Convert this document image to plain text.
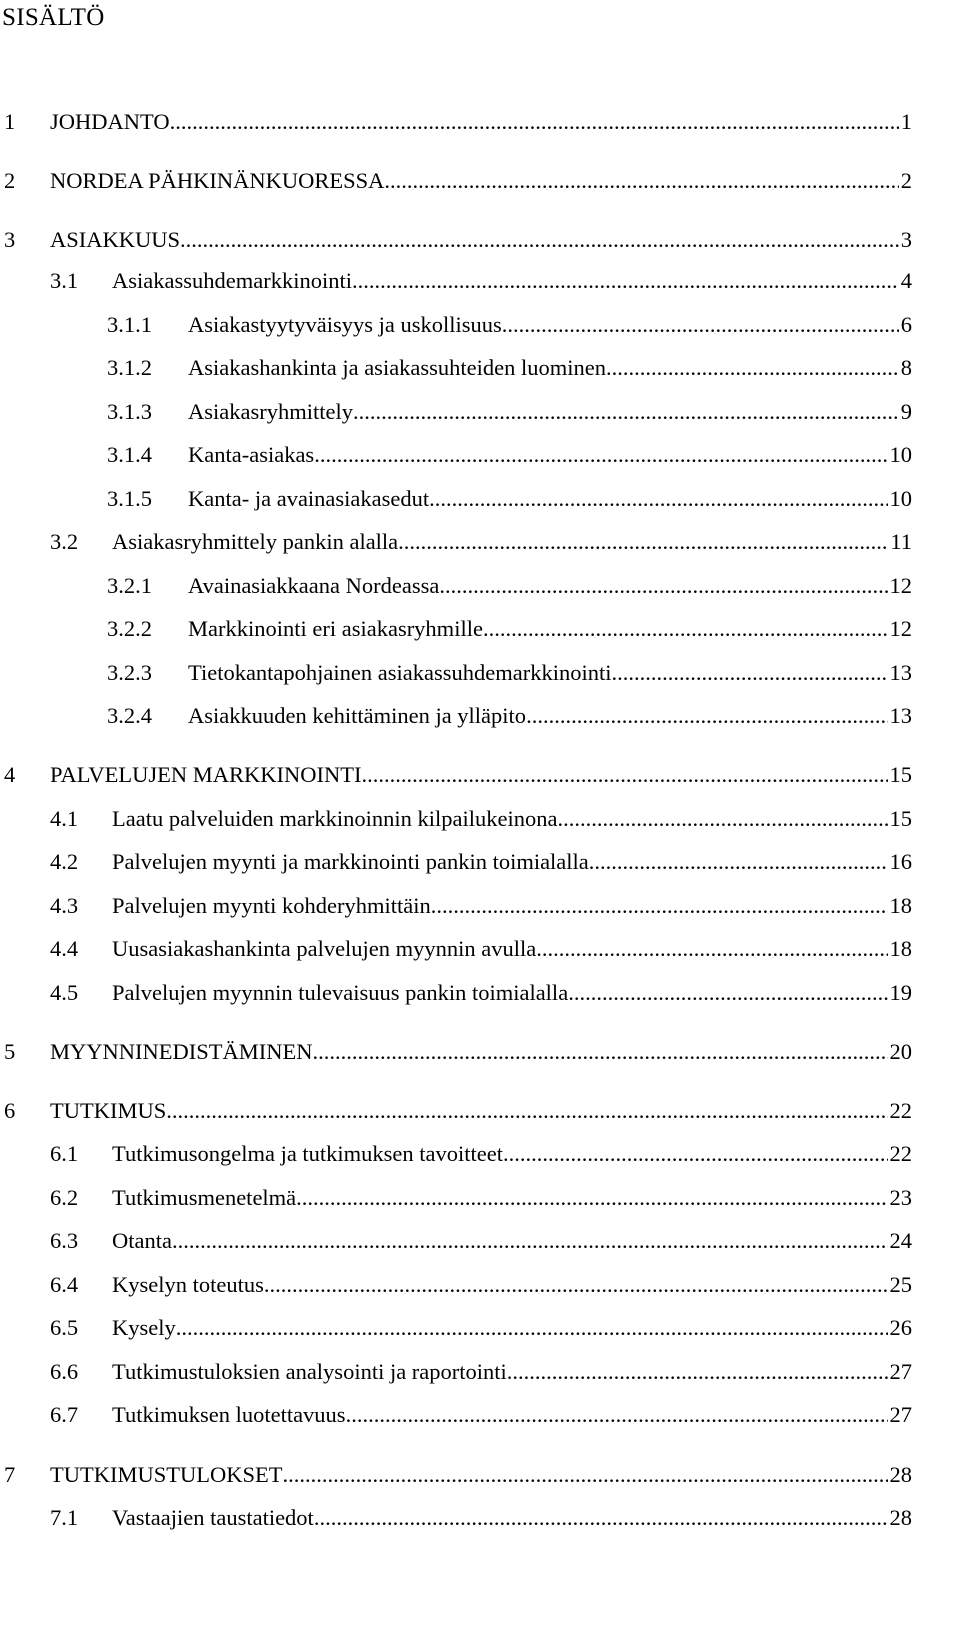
SISÄLTÖ
1 JOHDANTO .....	1
2 NORDEA PÄHKINÄNKUORESSA .....	2
3 ASIAKKUUS .....	3
3.1 Asiakassuhdemarkkinointi .....	4
3.1.1 Asiakastyytyväisyys ja uskollisuus .....	6
3.1.2 Asiakashankinta ja asiakassuhteiden luominen .....	8
3.1.3 Asiakasryhmittely .....	9
3.1.4 Kanta-asiakas .....	10
3.1.5 Kanta- ja avainasiakasedut .....	10
3.2 Asiakasryhmittely pankin alalla .....	11
3.2.1 Avainasiakkaana Nordeassa .....	12
3.2.2 Markkinointi eri asiakasryhmille .....	12
3.2.3 Tietokantapohjainen asiakassuhdemarkkinointi .....	13
3.2.4 Asiakkuuden kehittäminen ja ylläpito .....	13
4 PALVELUJEN MARKKINOINTI .....	15
4.1 Laatu palveluiden markkinoinnin kilpailukeinona .....	15
4.2 Palvelujen myynti ja markkinointi pankin toimialalla .....	16
4.3 Palvelujen myynti kohderyhmittäin .....	18
4.4 Uusasiakashankinta palvelujen myynnin avulla .....	18
4.5 Palvelujen myynnin tulevaisuus pankin toimialalla .....	19
5 MYYNNINEDISTÄMINEN .....	20
6 TUTKIMUS .....	22
6.1 Tutkimusongelma ja tutkimuksen tavoitteet .....	22
6.2 Tutkimusmenetelmä .....	23
6.3 Otanta .....	24
6.4 Kyselyn toteutus .....	25
6.5 Kysely .....	26
6.6 Tutkimustuloksien analysointi ja raportointi .....	27
6.7 Tutkimuksen luotettavuus .....	27
7 TUTKIMUSTULOKSET .....	28
7.1 Vastaajien taustatiedot .....	28
